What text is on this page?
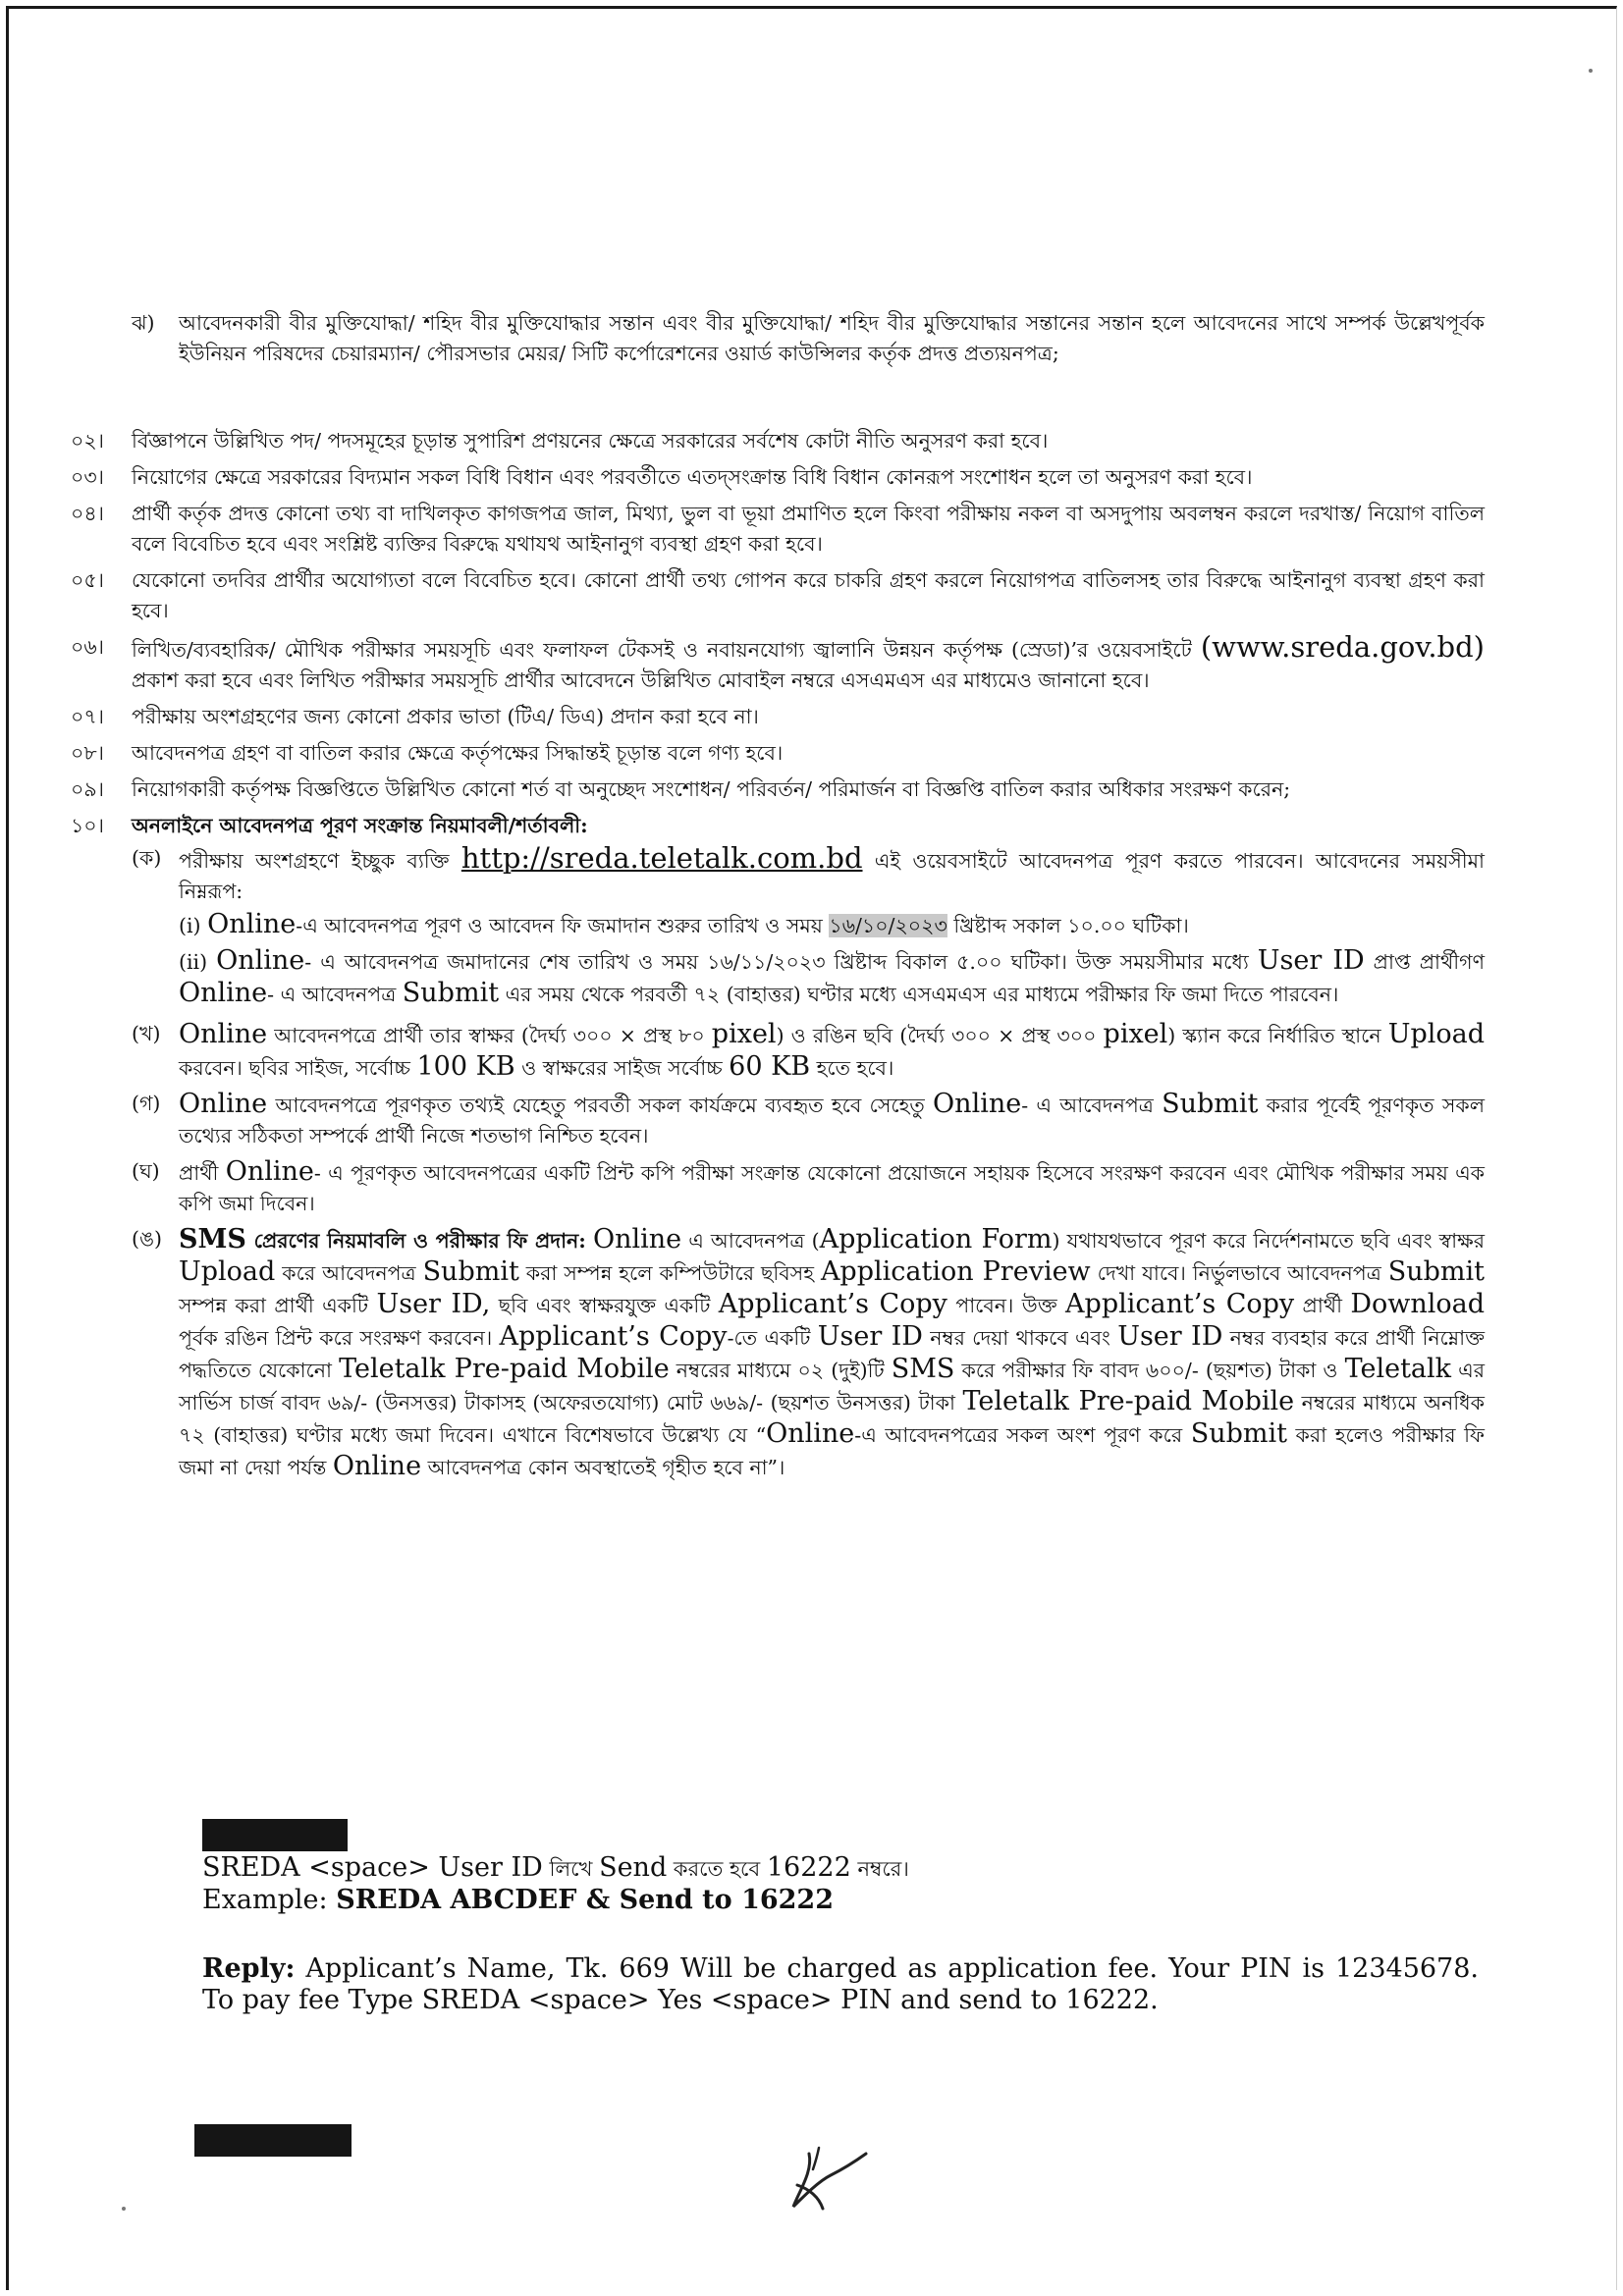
ঝ)	আবেদনকারী বীর মুক্তিযোদ্ধা/ শহিদ বীর মুক্তিযোদ্ধার সন্তান এবং বীর মুক্তিযোদ্ধা/ শহিদ বীর মুক্তিযোদ্ধার সন্তানের সন্তান হলে আবেদনের সাথে সম্পর্ক উল্লেখপূর্বক ইউনিয়ন পরিষদের চেয়ারম্যান/ পৌরসভার মেয়র/ সিটি কর্পোরেশনের ওয়ার্ড কাউন্সিলর কর্তৃক প্রদত্ত প্রত্যয়নপত্র;
০২।	বিজ্ঞাপনে উল্লিখিত পদ/ পদসমূহের চূড়ান্ত সুপারিশ প্রণয়নের ক্ষেত্রে সরকারের সর্বশেষ কোটা নীতি অনুসরণ করা হবে।
০৩।	নিয়োগের ক্ষেত্রে সরকারের বিদ্যমান সকল বিধি বিধান এবং পরবর্তীতে এতদ্‌সংক্রান্ত বিধি বিধান কোনরূপ সংশোধন হলে তা অনুসরণ করা হবে।
০৪।	প্রার্থী কর্তৃক প্রদত্ত কোনো তথ্য বা দাখিলকৃত কাগজপত্র জাল, মিথ্যা, ভুল বা ভূয়া প্রমাণিত হলে কিংবা পরীক্ষায় নকল বা অসদুপায় অবলম্বন করলে দরখাস্ত/ নিয়োগ বাতিল বলে বিবেচিত হবে এবং সংশ্লিষ্ট ব্যক্তির বিরুদ্ধে যথাযথ আইনানুগ ব্যবস্থা গ্রহণ করা হবে।
০৫।	যেকোনো তদবির প্রার্থীর অযোগ্যতা বলে বিবেচিত হবে। কোনো প্রার্থী তথ্য গোপন করে চাকরি গ্রহণ করলে নিয়োগপত্র বাতিলসহ তার বিরুদ্ধে আইনানুগ ব্যবস্থা গ্রহণ করা হবে।
০৬।	লিখিত/ব্যবহারিক/ মৌখিক পরীক্ষার সময়সূচি এবং ফলাফল টেকসই ও নবায়নযোগ্য জ্বালানি উন্নয়ন কর্তৃপক্ষ (স্রেডা)’র ওয়েবসাইটে (www.sreda.gov.bd) প্রকাশ করা হবে এবং লিখিত পরীক্ষার সময়সূচি প্রার্থীর আবেদনে উল্লিখিত মোবাইল নম্বরে এসএমএস এর মাধ্যমেও জানানো হবে।
০৭।	পরীক্ষায় অংশগ্রহণের জন্য কোনো প্রকার ভাতা (টিএ/ ডিএ) প্রদান করা হবে না।
০৮।	আবেদনপত্র গ্রহণ বা বাতিল করার ক্ষেত্রে কর্তৃপক্ষের সিদ্ধান্তই চূড়ান্ত বলে গণ্য হবে।
০৯।	নিয়োগকারী কর্তৃপক্ষ বিজ্ঞপ্তিতে উল্লিখিত কোনো শর্ত বা অনুচ্ছেদ সংশোধন/ পরিবর্তন/ পরিমার্জন বা বিজ্ঞপ্তি বাতিল করার অধিকার সংরক্ষণ করেন;
১০।	অনলাইনে আবেদনপত্র পূরণ সংক্রান্ত নিয়মাবলী/শর্তাবলী:
(ক) পরীক্ষায় অংশগ্রহণে ইচ্ছুক ব্যক্তি http://sreda.teletalk.com.bd এই ওয়েবসাইটে আবেদনপত্র পূরণ করতে পারবেন। আবেদনের সময়সীমা নিম্নরূপ:
(i) Online-এ আবেদনপত্র পূরণ ও আবেদন ফি জমাদান শুরুর তারিখ ও সময় ১৬/১০/২০২৩ খ্রিষ্টাব্দ সকাল ১০.০০ ঘটিকা।
(ii) Online- এ আবেদনপত্র জমাদানের শেষ তারিখ ও সময় ১৬/১১/২০২৩ খ্রিষ্টাব্দ বিকাল ৫.০০ ঘটিকা। উক্ত সময়সীমার মধ্যে User ID প্রাপ্ত প্রার্থীগণ Online- এ আবেদনপত্র Submit এর সময় থেকে পরবর্তী ৭২ (বাহাত্তর) ঘণ্টার মধ্যে এসএমএস এর মাধ্যমে পরীক্ষার ফি জমা দিতে পারবেন।
(খ) Online আবেদনপত্রে প্রার্থী তার স্বাক্ষর (দৈর্ঘ্য ৩০০ × প্রস্থ ৮০ pixel) ও রঙিন ছবি (দৈর্ঘ্য ৩০০ × প্রস্থ ৩০০ pixel) স্ক্যান করে নির্ধারিত স্থানে Upload করবেন। ছবির সাইজ, সর্বোচ্চ 100 KB ও স্বাক্ষরের সাইজ সর্বোচ্চ 60 KB হতে হবে।
(গ) Online আবেদনপত্রে পূরণকৃত তথ্যই যেহেতু পরবর্তী সকল কার্যক্রমে ব্যবহৃত হবে সেহেতু Online- এ আবেদনপত্র Submit করার পূর্বেই পূরণকৃত সকল তথ্যের সঠিকতা সম্পর্কে প্রার্থী নিজে শতভাগ নিশ্চিত হবেন।
(ঘ) প্রার্থী Online- এ পূরণকৃত আবেদনপত্রের একটি প্রিন্ট কপি পরীক্ষা সংক্রান্ত যেকোনো প্রয়োজনে সহায়ক হিসেবে সংরক্ষণ করবেন এবং মৌখিক পরীক্ষার সময় এক কপি জমা দিবেন।
(ঙ) SMS প্রেরণের নিয়মাবলি ও পরীক্ষার ফি প্রদান: Online এ আবেদনপত্র (Application Form) যথাযথভাবে পূরণ করে নির্দেশনামতে ছবি এবং স্বাক্ষর Upload করে আবেদনপত্র Submit করা সম্পন্ন হলে কম্পিউটারে ছবিসহ Application Preview দেখা যাবে। নির্ভুলভাবে আবেদনপত্র Submit সম্পন্ন করা প্রার্থী একটি User ID, ছবি এবং স্বাক্ষরযুক্ত একটি Applicant’s Copy পাবেন। উক্ত Applicant’s Copy প্রার্থী Download পূর্বক রঙিন প্রিন্ট করে সংরক্ষণ করবেন। Applicant’s Copy-তে একটি User ID নম্বর দেয়া থাকবে এবং User ID নম্বর ব্যবহার করে প্রার্থী নিম্নোক্ত পদ্ধতিতে যেকোনো Teletalk Pre-paid Mobile নম্বরের মাধ্যমে ০২ (দুই)টি SMS করে পরীক্ষার ফি বাবদ ৬০০/- (ছয়শত) টাকা ও Teletalk এর সার্ভিস চার্জ বাবদ ৬৯/- (উনসত্তর) টাকাসহ (অফেরতযোগ্য) মোট ৬৬৯/- (ছয়শত উনসত্তর) টাকা Teletalk Pre-paid Mobile নম্বরের মাধ্যমে অনধিক ৭২ (বাহাত্তর) ঘণ্টার মধ্যে জমা দিবেন। এখানে বিশেষভাবে উল্লেখ্য যে “Online-এ আবেদনপত্রের সকল অংশ পূরণ করে Submit করা হলেও পরীক্ষার ফি জমা না দেয়া পর্যন্ত Online আবেদনপত্র কোন অবস্থাতেই গৃহীত হবে না”।
SREDA <space> User ID লিখে Send করতে হবে 16222 নম্বরে।
Example: SREDA ABCDEF & Send to 16222
Reply: Applicant’s Name, Tk. 669 Will be charged as application fee. Your PIN is 12345678. To pay fee Type SREDA <space> Yes <space> PIN and send to 16222.
